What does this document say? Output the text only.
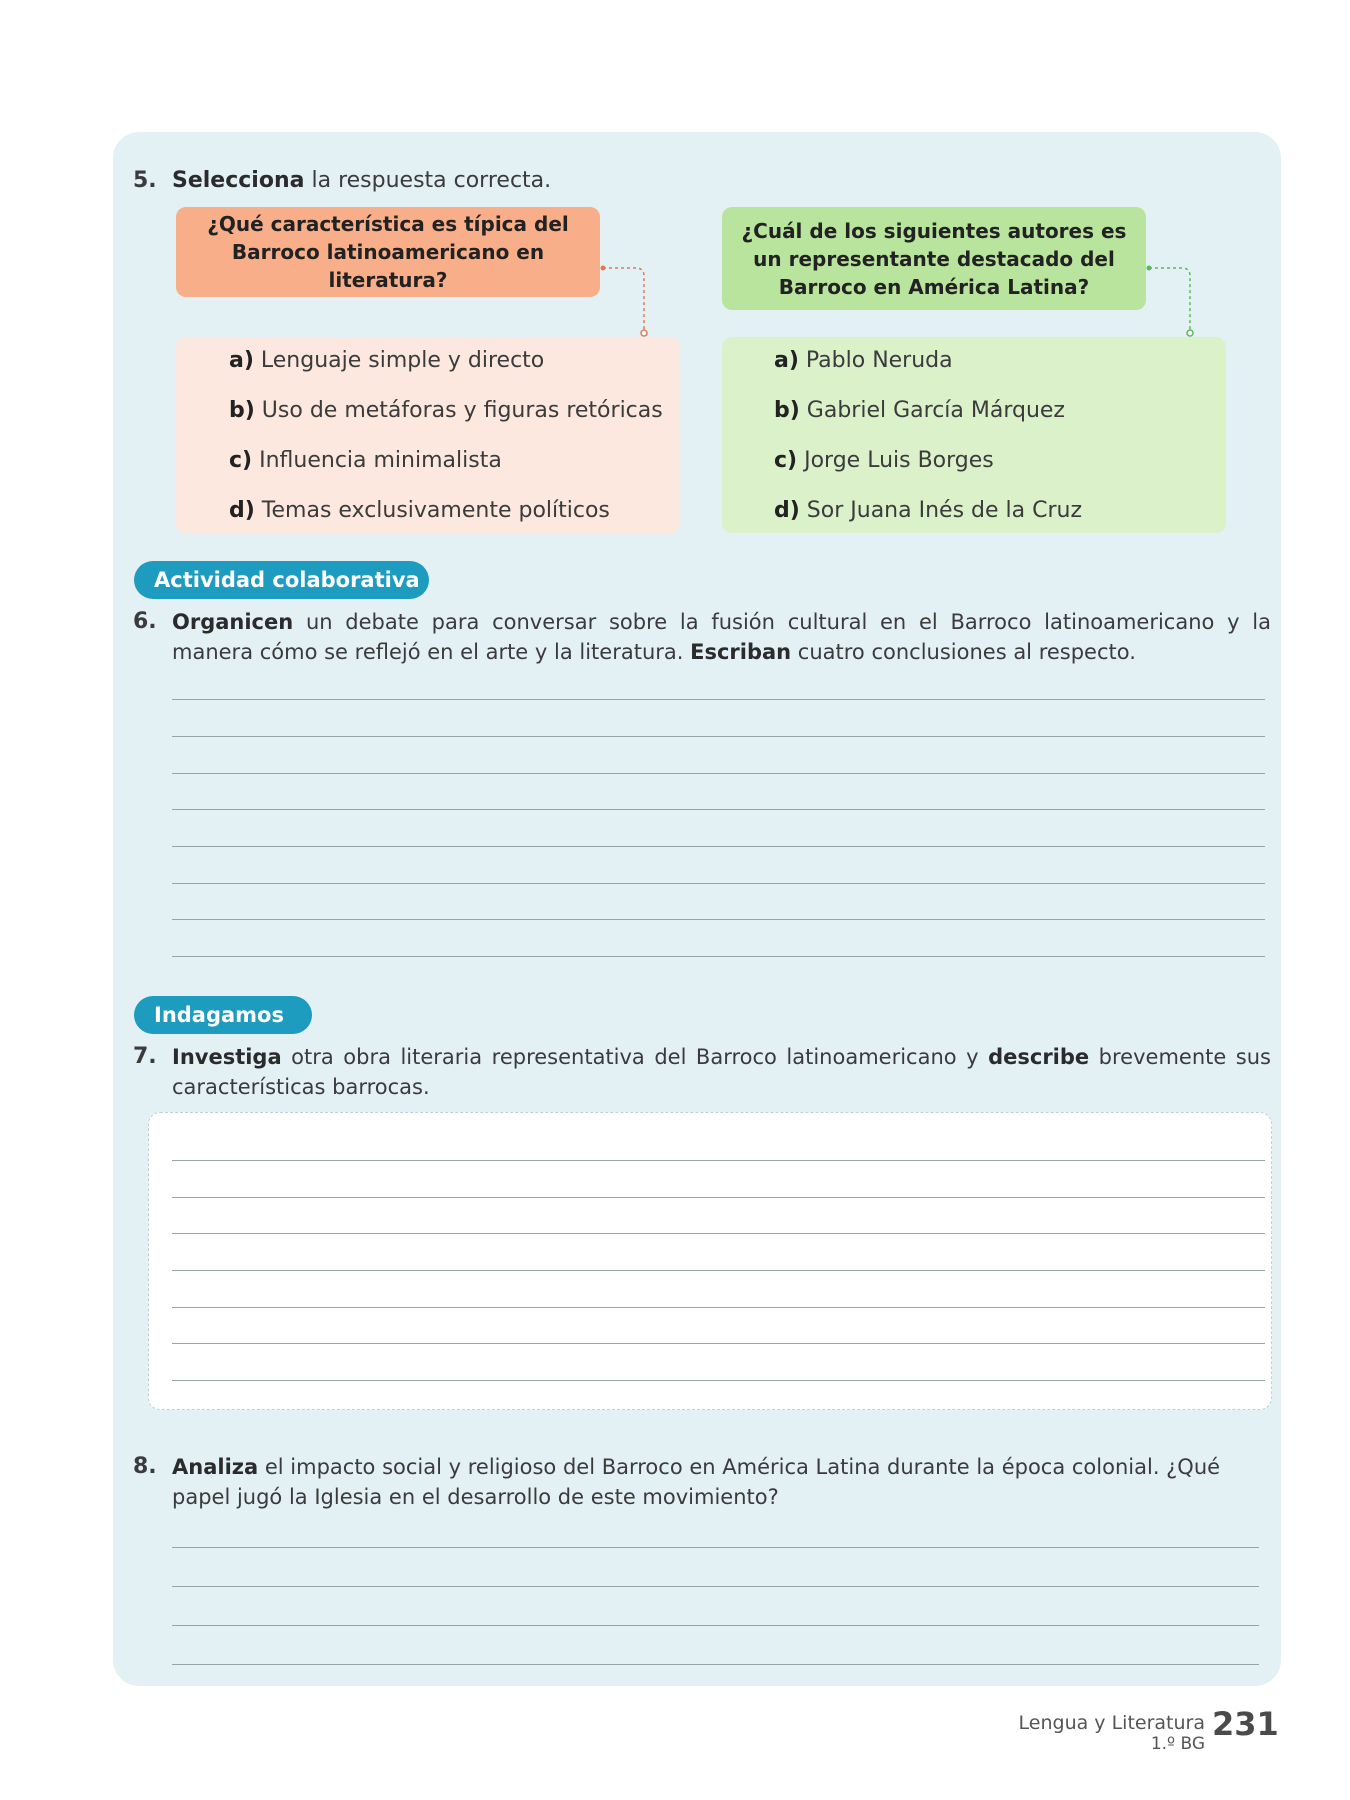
5. Selecciona la respuesta correcta.
¿Qué característica es típica del Barroco latinoamericano en literatura?
¿Cuál de los siguientes autores es un representante destacado del Barroco en América Latina?
a) Lenguaje simple y directo
b) Uso de metáforas y figuras retóricas
c) Influencia minimalista
d) Temas exclusivamente políticos
a) Pablo Neruda
b) Gabriel García Márquez
c) Jorge Luis Borges
d) Sor Juana Inés de la Cruz
Actividad colaborativa
6. Organicen un debate para conversar sobre la fusión cultural en el Barroco latinoamericano y la manera cómo se reflejó en el arte y la literatura. Escriban cuatro conclusiones al respecto.
Indagamos
7. Investiga otra obra literaria representativa del Barroco latinoamericano y describe brevemente sus características barrocas.
8. Analiza el impacto social y religioso del Barroco en América Latina durante la época colonial. ¿Qué papel jugó la Iglesia en el desarrollo de este movimiento?
Lengua y Literatura
1.º BG
231
